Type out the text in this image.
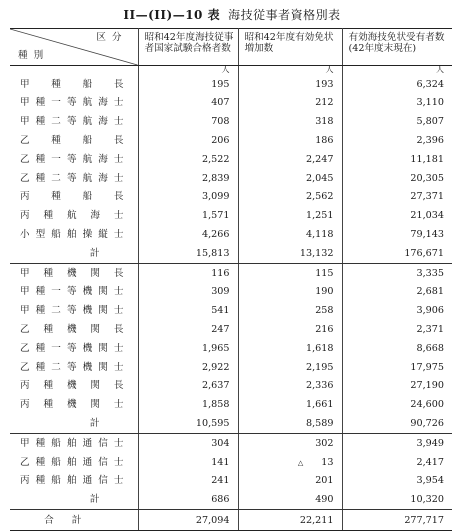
II—(II)—10 表 海技従事者資格別表
区分
種別	昭和42年度海技従事者国家試験合格者数	昭和42年度有効免状増加数	有効海技免状受有者数(42年度末現在)
	人	人	人
甲種船長	195	193	6,324
甲種一等航海士	407	212	3,110
甲種二等航海士	708	318	5,807
乙種船長	206	186	2,396
乙種一等航海士	2,522	2,247	11,181
乙種二等航海士	2,839	2,045	20,305
丙種船長	3,099	2,562	27,371
丙種航海士	1,571	1,251	21,034
小型船舶操縦士	4,266	4,118	79,143
計	15,813	13,132	176,671
甲種機関長	116	115	3,335
甲種一等機関士	309	190	2,681
甲種二等機関士	541	258	3,906
乙種機関長	247	216	2,371
乙種一等機関士	1,965	1,618	8,668
乙種二等機関士	2,922	2,195	17,975
丙種機関長	2,637	2,336	27,190
丙種機関士	1,858	1,661	24,600
計	10,595	8,589	90,726
甲種船舶通信士	304	302	3,949
乙種船舶通信士	141	△ 13	2,417
丙種船舶通信士	241	201	3,954
計	686	490	10,320
合計	27,094	22,211	277,717
